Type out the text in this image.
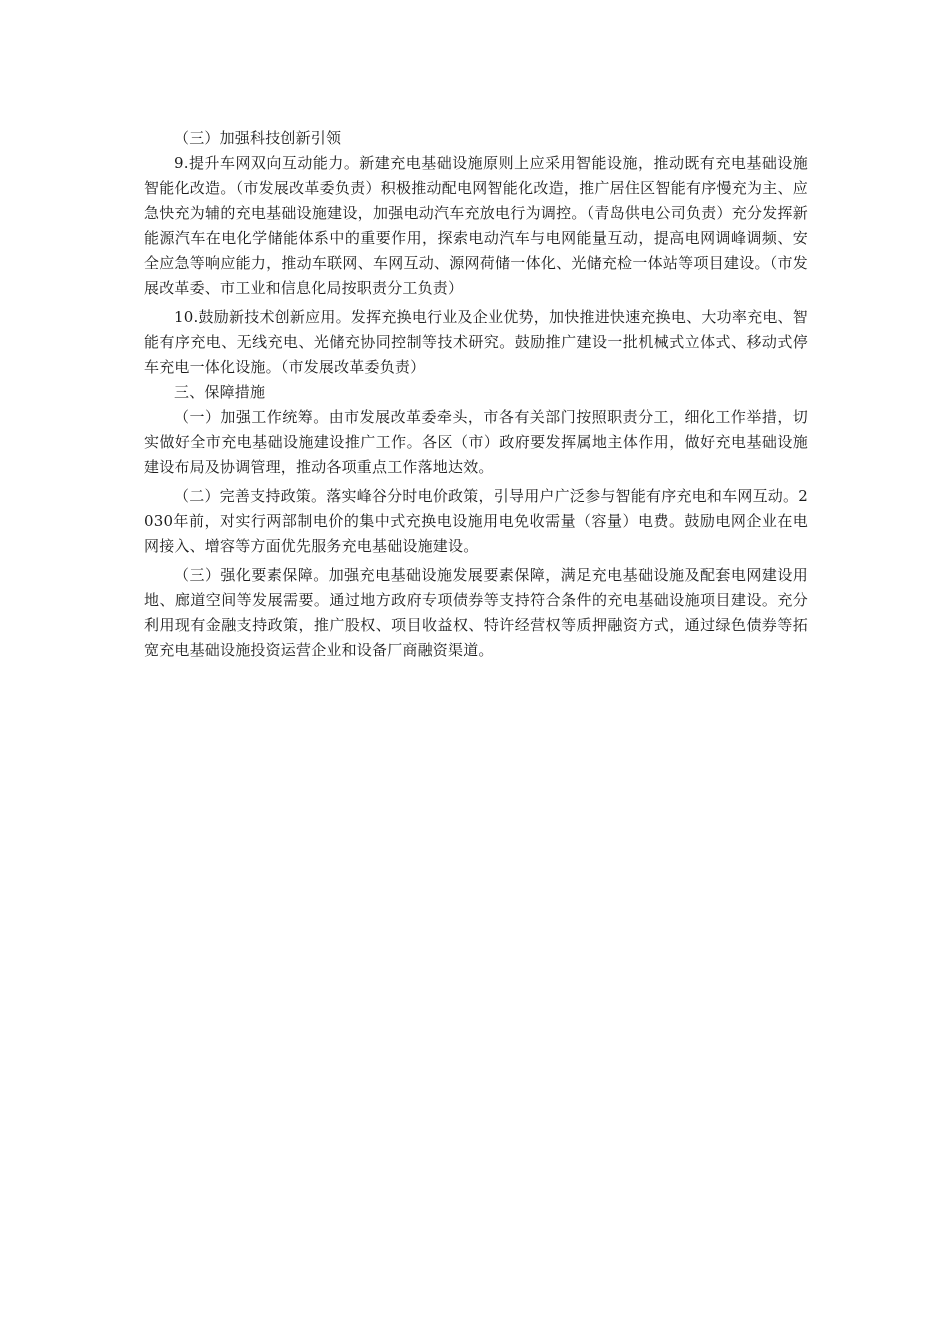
（三）加强科技创新引领

9.提升车网双向互动能力。新建充电基础设施原则上应采用智能设施，推动既有充电基础设施智能化改造。（市发展改革委负责）积极推动配电网智能化改造，推广居住区智能有序慢充为主、应急快充为辅的充电基础设施建设，加强电动汽车充放电行为调控。（青岛供电公司负责）充分发挥新能源汽车在电化学储能体系中的重要作用，探索电动汽车与电网能量互动，提高电网调峰调频、安全应急等响应能力，推动车联网、车网互动、源网荷储一体化、光储充检一体站等项目建设。（市发展改革委、市工业和信息化局按职责分工负责）

10.鼓励新技术创新应用。发挥充换电行业及企业优势，加快推进快速充换电、大功率充电、智能有序充电、无线充电、光储充协同控制等技术研究。鼓励推广建设一批机械式立体式、移动式停车充电一体化设施。（市发展改革委负责）

三、保障措施

（一）加强工作统筹。由市发展改革委牵头，市各有关部门按照职责分工，细化工作举措，切实做好全市充电基础设施建设推广工作。各区（市）政府要发挥属地主体作用，做好充电基础设施建设布局及协调管理，推动各项重点工作落地达效。

（二）完善支持政策。落实峰谷分时电价政策，引导用户广泛参与智能有序充电和车网互动。2030年前，对实行两部制电价的集中式充换电设施用电免收需量（容量）电费。鼓励电网企业在电网接入、增容等方面优先服务充电基础设施建设。

（三）强化要素保障。加强充电基础设施发展要素保障，满足充电基础设施及配套电网建设用地、廊道空间等发展需要。通过地方政府专项债券等支持符合条件的充电基础设施项目建设。充分利用现有金融支持政策，推广股权、项目收益权、特许经营权等质押融资方式，通过绿色债券等拓宽充电基础设施投资运营企业和设备厂商融资渠道。
